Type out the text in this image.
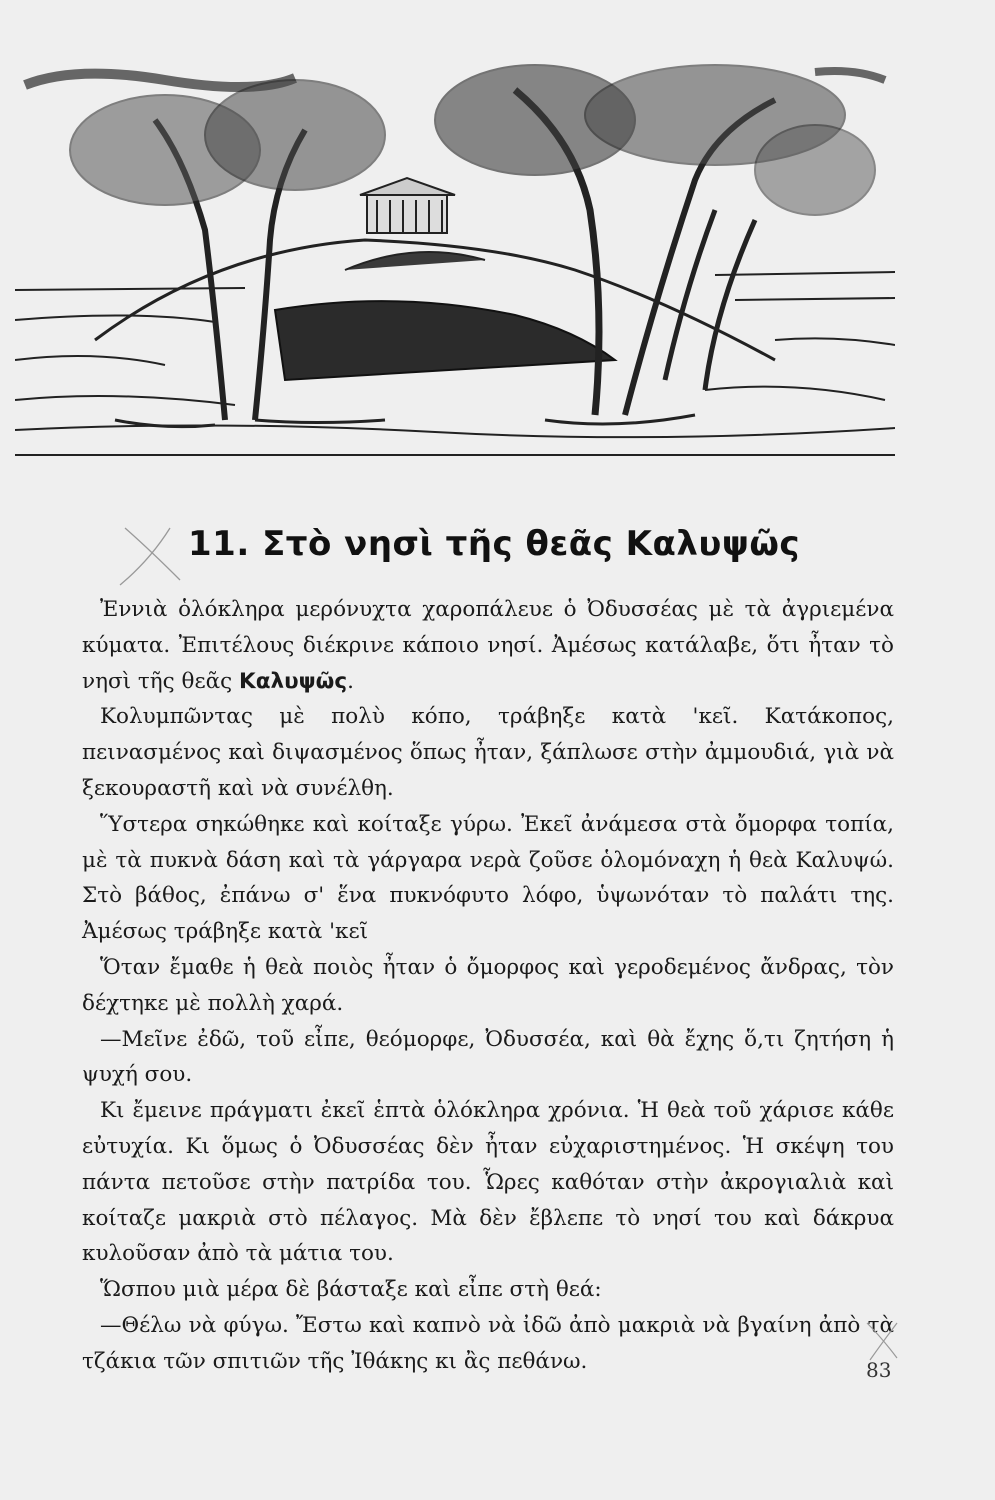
11. Στὸ νησὶ τῆς θεᾶς Καλυψῶς

Ἐννιὰ ὁλόκληρα μερόνυχτα χαροπάλευε ὁ Ὀδυσσέας μὲ τὰ ἀγριεμένα κύματα. Ἐπιτέλους διέκρινε κάποιο νησί. Ἀμέσως κατάλαβε, ὅτι ἦταν τὸ νησὶ τῆς θεᾶς Καλυψῶς.

Κολυμπῶντας μὲ πολὺ κόπο, τράβηξε κατὰ 'κεῖ. Κατάκοπος, πεινασμένος καὶ διψασμένος ὅπως ἦταν, ξάπλωσε στὴν ἀμμουδιά, γιὰ νὰ ξεκουραστῆ καὶ νὰ συνέλθη.

Ὕστερα σηκώθηκε καὶ κοίταξε γύρω. Ἐκεῖ ἀνάμεσα στὰ ὄμορφα τοπία, μὲ τὰ πυκνὰ δάση καὶ τὰ γάργαρα νερὰ ζοῦσε ὁλομόναχη ἡ θεὰ Καλυψώ. Στὸ βάθος, ἐπάνω σ' ἕνα πυκνόφυτο λόφο, ὑψωνόταν τὸ παλάτι της. Ἀμέσως τράβηξε κατὰ 'κεῖ

Ὅταν ἔμαθε ἡ θεὰ ποιὸς ἦταν ὁ ὄμορφος καὶ γεροδεμένος ἄνδρας, τὸν δέχτηκε μὲ πολλὴ χαρά.

—Μεῖνε ἐδῶ, τοῦ εἶπε, θεόμορφε, Ὀδυσσέα, καὶ θὰ ἔχης ὅ,τι ζητήση ἡ ψυχή σου.

Κι ἔμεινε πράγματι ἐκεῖ ἑπτὰ ὁλόκληρα χρόνια. Ἡ θεὰ τοῦ χάρισε κάθε εὐτυχία. Κι ὅμως ὁ Ὀδυσσέας δὲν ἦταν εὐχαριστημένος. Ἡ σκέψη του πάντα πετοῦσε στὴν πατρίδα του. Ὧρες καθόταν στὴν ἀκρογιαλιὰ καὶ κοίταζε μακριὰ στὸ πέλαγος. Μὰ δὲν ἔβλεπε τὸ νησί του καὶ δάκρυα κυλοῦσαν ἀπὸ τὰ μάτια του.

Ὥσπου μιὰ μέρα δὲ βάσταξε καὶ εἶπε στὴ θεά:

—Θέλω νὰ φύγω. Ἔστω καὶ καπνὸ νὰ ἰδῶ ἀπὸ μακριὰ νὰ βγαίνη ἀπὸ τὰ τζάκια τῶν σπιτιῶν τῆς Ἰθάκης κι ἂς πεθάνω.	83
